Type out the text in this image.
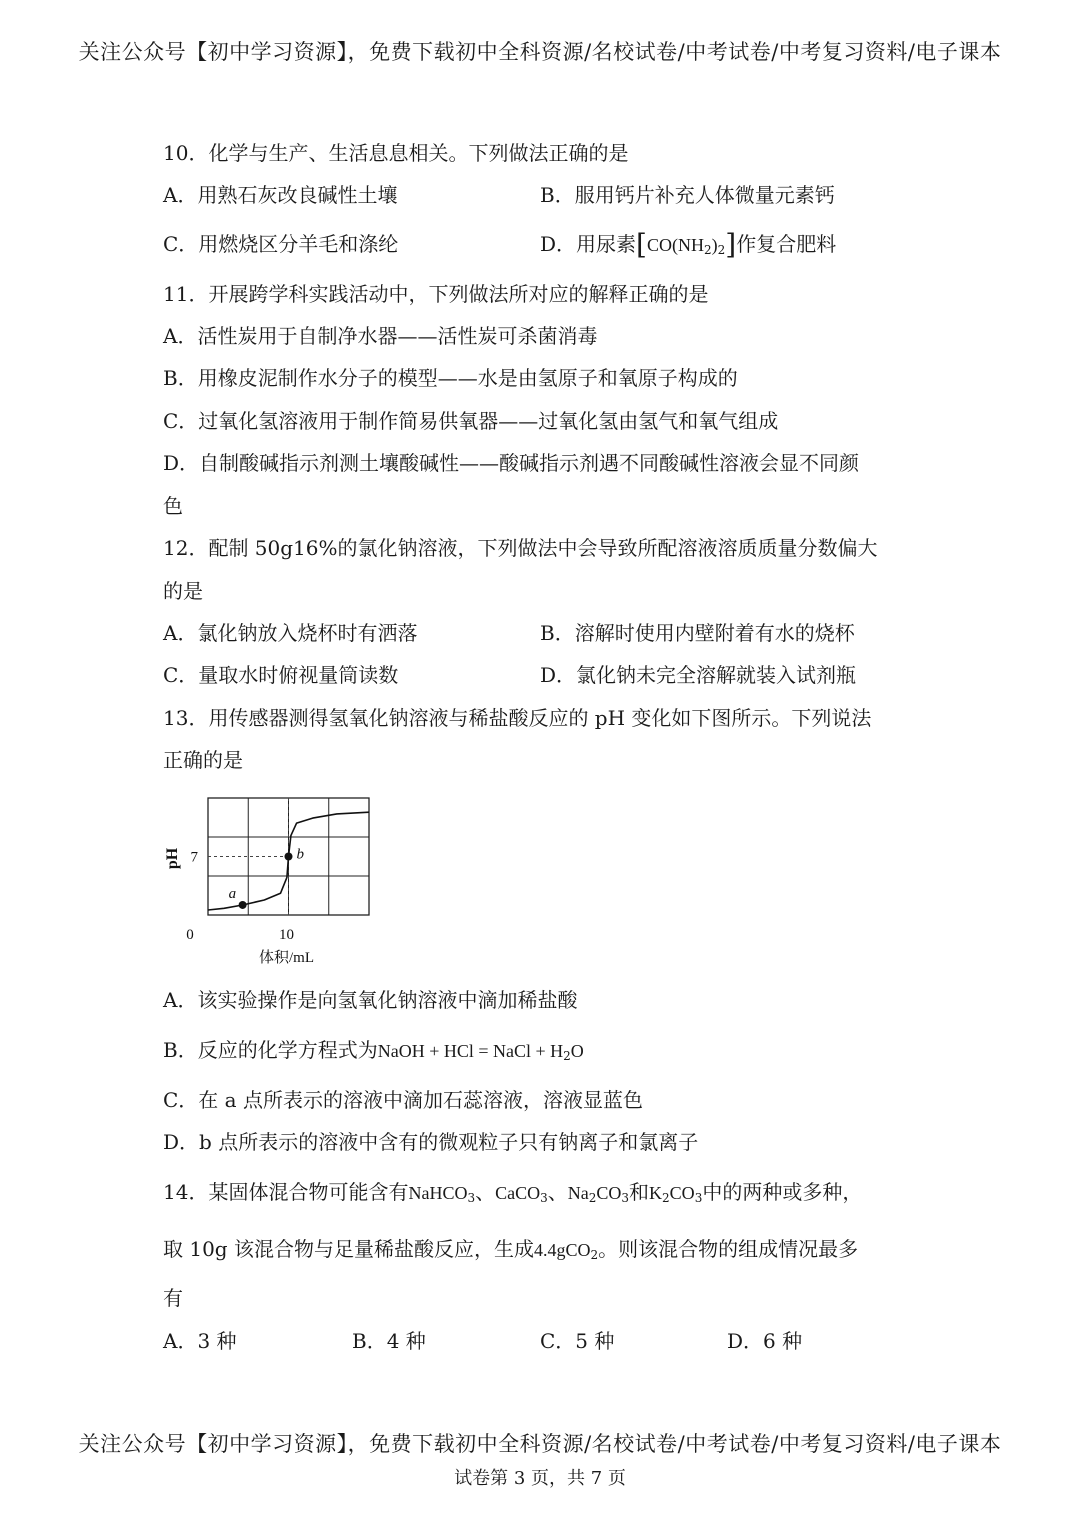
关注公众号【初中学习资源】，免费下载初中全科资源/名校试卷/中考试卷/中考复习资料/电子课本
10．化学与生产、生活息息相关。下列做法正确的是
A．用熟石灰改良碱性土壤	B．服用钙片补充人体微量元素钙
C．用燃烧区分羊毛和涤纶	D．用尿素$[CO(NH_2)_2]$作复合肥料
11．开展跨学科实践活动中，下列做法所对应的解释正确的是
A．活性炭用于自制净水器——活性炭可杀菌消毒
B．用橡皮泥制作水分子的模型——水是由氢原子和氧原子构成的
C．过氧化氢溶液用于制作简易供氧器——过氧化氢由氢气和氧气组成
D．自制酸碱指示剂测土壤酸碱性——酸碱指示剂遇不同酸碱性溶液会显不同颜
色
12．配制 50g16%的氯化钠溶液，下列做法中会导致所配溶液溶质质量分数偏大
的是
A．氯化钠放入烧杯时有洒落	B．溶解时使用内壁附着有水的烧杯
C．量取水时俯视量筒读数	D．氯化钠未完全溶解就装入试剂瓶
13．用传感器测得氢氧化钠溶液与稀盐酸反应的 pH 变化如下图所示。下列说法
正确的是
a
b
7
0	10
pH
体积/mL
A．该实验操作是向氢氧化钠溶液中滴加稀盐酸
B．反应的化学方程式为NaOH + HCl = NaCl + $H_2O$
C．在 a 点所表示的溶液中滴加石蕊溶液，溶液显蓝色
D．b 点所表示的溶液中含有的微观粒子只有钠离子和氯离子
14．某固体混合物可能含有NaHCO$_3$、CaCO$_3$、$Na_2CO_3$和$K_2CO_3$中的两种或多种，
取 10g 该混合物与足量稀盐酸反应，生成4.4gCO$_2$。则该混合物的组成情况最多
有
A．3 种	B．4 种	C．5 种	D．6 种
关注公众号【初中学习资源】，免费下载初中全科资源/名校试卷/中考试卷/中考复习资料/电子课本
试卷第 3 页，共 7 页
